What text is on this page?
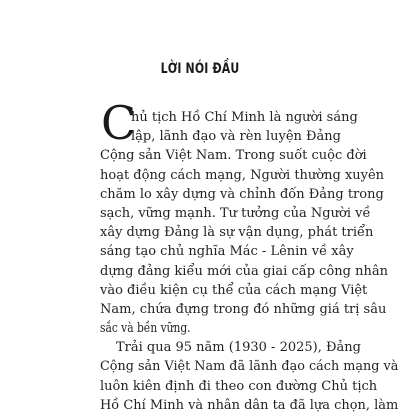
LỜI NÓI ĐẦU
C
hủ tịch Hồ Chí Minh là người sáng
lập, lãnh đạo và rèn luyện Đảng
Cộng sản Việt Nam. Trong suốt cuộc đời
hoạt động cách mạng, Người thường xuyên
chăm lo xây dựng và chỉnh đốn Đảng trong
sạch, vững mạnh. Tư tưởng của Người về
xây dựng Đảng là sự vận dụng, phát triển
sáng tạo chủ nghĩa Mác - Lênin về xây
dựng đảng kiểu mới của giai cấp công nhân
vào điều kiện cụ thể của cách mạng Việt
Nam, chứa đựng trong đó những giá trị sâu
sắc và bền vững.
Trải qua 95 năm (1930 - 2025), Đảng
Cộng sản Việt Nam đã lãnh đạo cách mạng và
luôn kiên định đi theo con đường Chủ tịch
Hồ Chí Minh và nhân dân ta đã lựa chọn, làm
